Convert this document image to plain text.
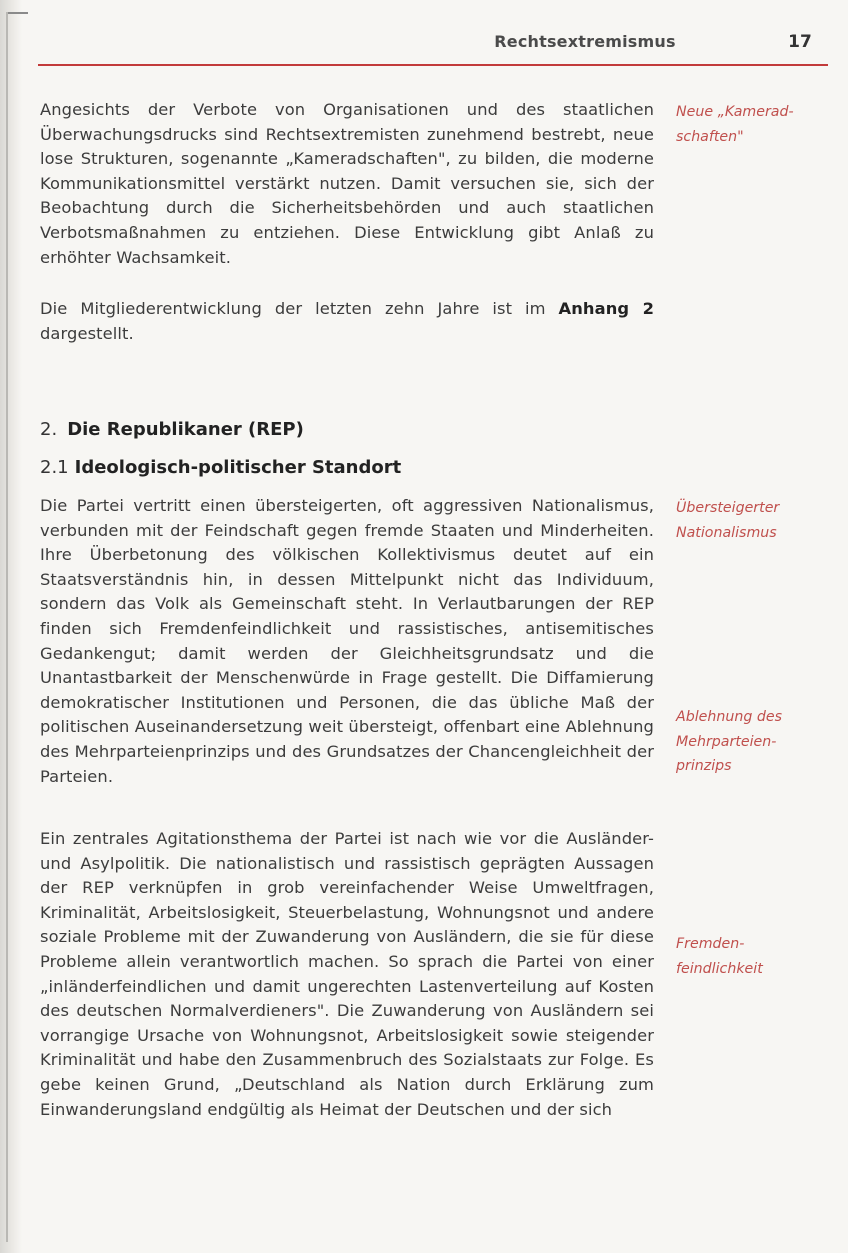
Rechtsextremismus	17

Angesichts der Verbote von Organisationen und des staatlichen Überwachungsdrucks sind Rechtsextremisten zunehmend bestrebt, neue lose Strukturen, sogenannte „Kameradschaften", zu bilden, die moderne Kommunikationsmittel verstärkt nutzen. Damit versuchen sie, sich der Beobachtung durch die Sicherheitsbehörden und auch staatlichen Verbotsmaßnahmen zu entziehen. Diese Entwicklung gibt Anlaß zu erhöhter Wachsamkeit.

Die Mitgliederentwicklung der letzten zehn Jahre ist im Anhang 2 dargestellt.

2. Die Republikaner (REP)
2.1 Ideologisch-politischer Standort

Die Partei vertritt einen übersteigerten, oft aggressiven Nationalismus, verbunden mit der Feindschaft gegen fremde Staaten und Minderheiten. Ihre Überbetonung des völkischen Kollektivismus deutet auf ein Staatsverständnis hin, in dessen Mittelpunkt nicht das Individuum, sondern das Volk als Gemeinschaft steht. In Verlautbarungen der REP finden sich Fremdenfeindlichkeit und rassistisches, antisemitisches Gedankengut; damit werden der Gleichheitsgrundsatz und die Unantastbarkeit der Menschenwürde in Frage gestellt. Die Diffamierung demokratischer Institutionen und Personen, die das übliche Maß der politischen Auseinandersetzung weit übersteigt, offenbart eine Ablehnung des Mehrparteienprinzips und des Grundsatzes der Chancengleichheit der Parteien.

Ein zentrales Agitationsthema der Partei ist nach wie vor die Ausländer- und Asylpolitik. Die nationalistisch und rassistisch geprägten Aussagen der REP verknüpfen in grob vereinfachender Weise Umweltfragen, Kriminalität, Arbeitslosigkeit, Steuerbelastung, Wohnungsnot und andere soziale Probleme mit der Zuwanderung von Ausländern, die sie für diese Probleme allein verantwortlich machen. So sprach die Partei von einer „inländerfeindlichen und damit ungerechten Lastenverteilung auf Kosten des deutschen Normalverdieners". Die Zuwanderung von Ausländern sei vorrangige Ursache von Wohnungsnot, Arbeitslosigkeit sowie steigender Kriminalität und habe den Zusammenbruch des Sozialstaats zur Folge. Es gebe keinen Grund, „Deutschland als Nation durch Erklärung zum Einwanderungsland endgültig als Heimat der Deutschen und der sich

Neue „Kamerad-
schaften"
Übersteigerter
Nationalismus
Ablehnung des
Mehrparteien-
prinzips
Fremden-
feindlichkeit
